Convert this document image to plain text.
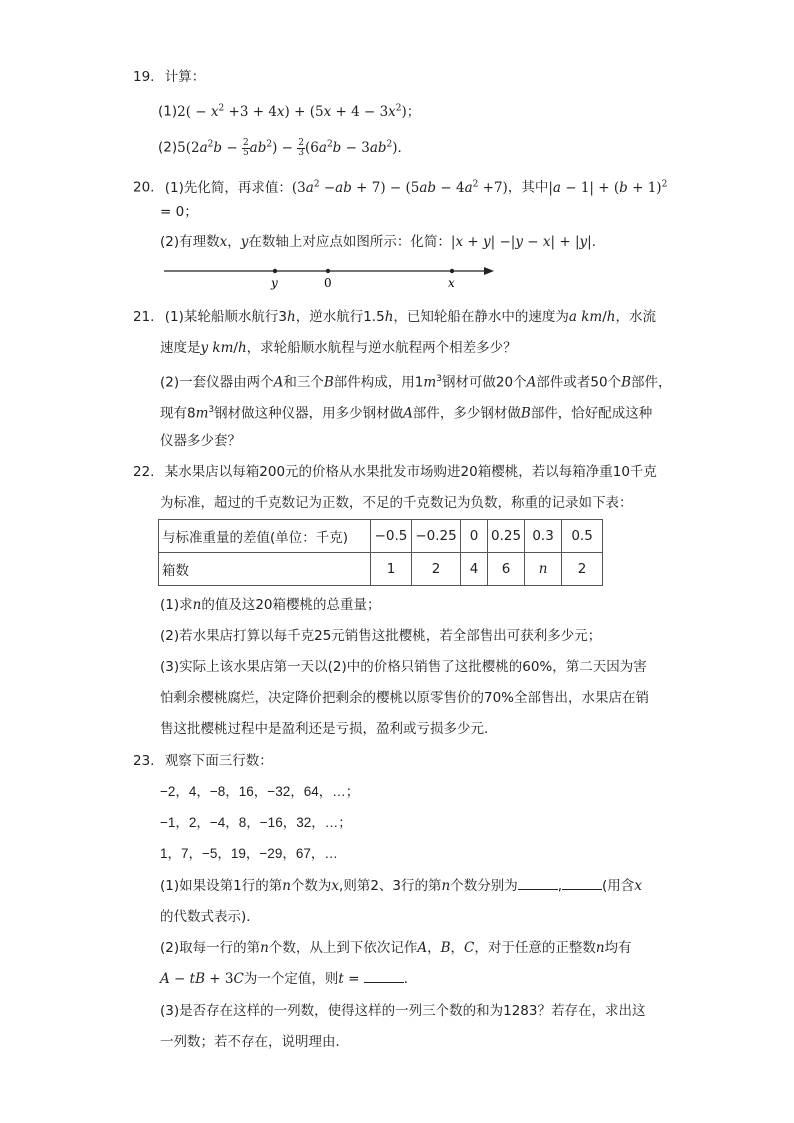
19. 计算：
$(1)2( - x^2 +3 + 4x) + (5x + 4 - 3x^2)$；
$(2)5(2a^2b - \frac{2}{5} ab^2) - \frac{2}{3} (6a^2b - 3ab^2)$．
20. (1)先化简，再求值：$(3a^2 -ab + 7) - (5ab - 4a^2 +7)$，其中$|a - 1| + (b + 1)^2$
= 0；
(2)有理数x，y在数轴上对应点如图所示：化简：|x + y| −|y − x| + |y|．
y	0	x
21. (1)某轮船顺水航行3h，逆水航行1.5h，已知轮船在静水中的速度为a km/h，水流
速度是y km/h，求轮船顺水航程与逆水航程两个相差多少？
(2)一套仪器由两个A和三个B部件构成，用$1m^3$钢材可做20个A部件或者50个B部件，
现有$8m^3$钢材做这种仪器，用多少钢材做A部件，多少钢材做B部件，恰好配成这种
仪器多少套？
22. 某水果店以每箱200元的价格从水果批发市场购进20箱樱桃，若以每箱净重10千克
为标准，超过的千克数记为正数，不足的千克数记为负数，称重的记录如下表：
与标准重量的差值(单位：千克)	−0.5	−0.25	0	0.25	0.3	0.5
箱数	1	2	4	6	n	2
(1)求n的值及这20箱樱桃的总重量；
(2)若水果店打算以每千克25元销售这批樱桃，若全部售出可获利多少元；
(3)实际上该水果店第一天以(2)中的价格只销售了这批樱桃的60%，第二天因为害
怕剩余樱桃腐烂，决定降价把剩余的樱桃以原零售价的70%全部售出，水果店在销
售这批樱桃过程中是盈利还是亏损，盈利或亏损多少元．
23. 观察下面三行数：
−2，4，−8，16，−32，64，…；
−1，2，−4，8，−16，32，…；
1，7，−5，19，−29，67，…
(1)如果设第1行的第n个数为x,则第2、3行的第n个数分别为	,	(用含x
的代数式表示)．
(2)取每一行的第n个数，从上到下依次记作A，B，C，对于任意的正整数n均有
A − tB + 3C为一个定值，则t =	．
(3)是否存在这样的一列数，使得这样的一列三个数的和为1283？若存在，求出这
一列数；若不存在，说明理由．
